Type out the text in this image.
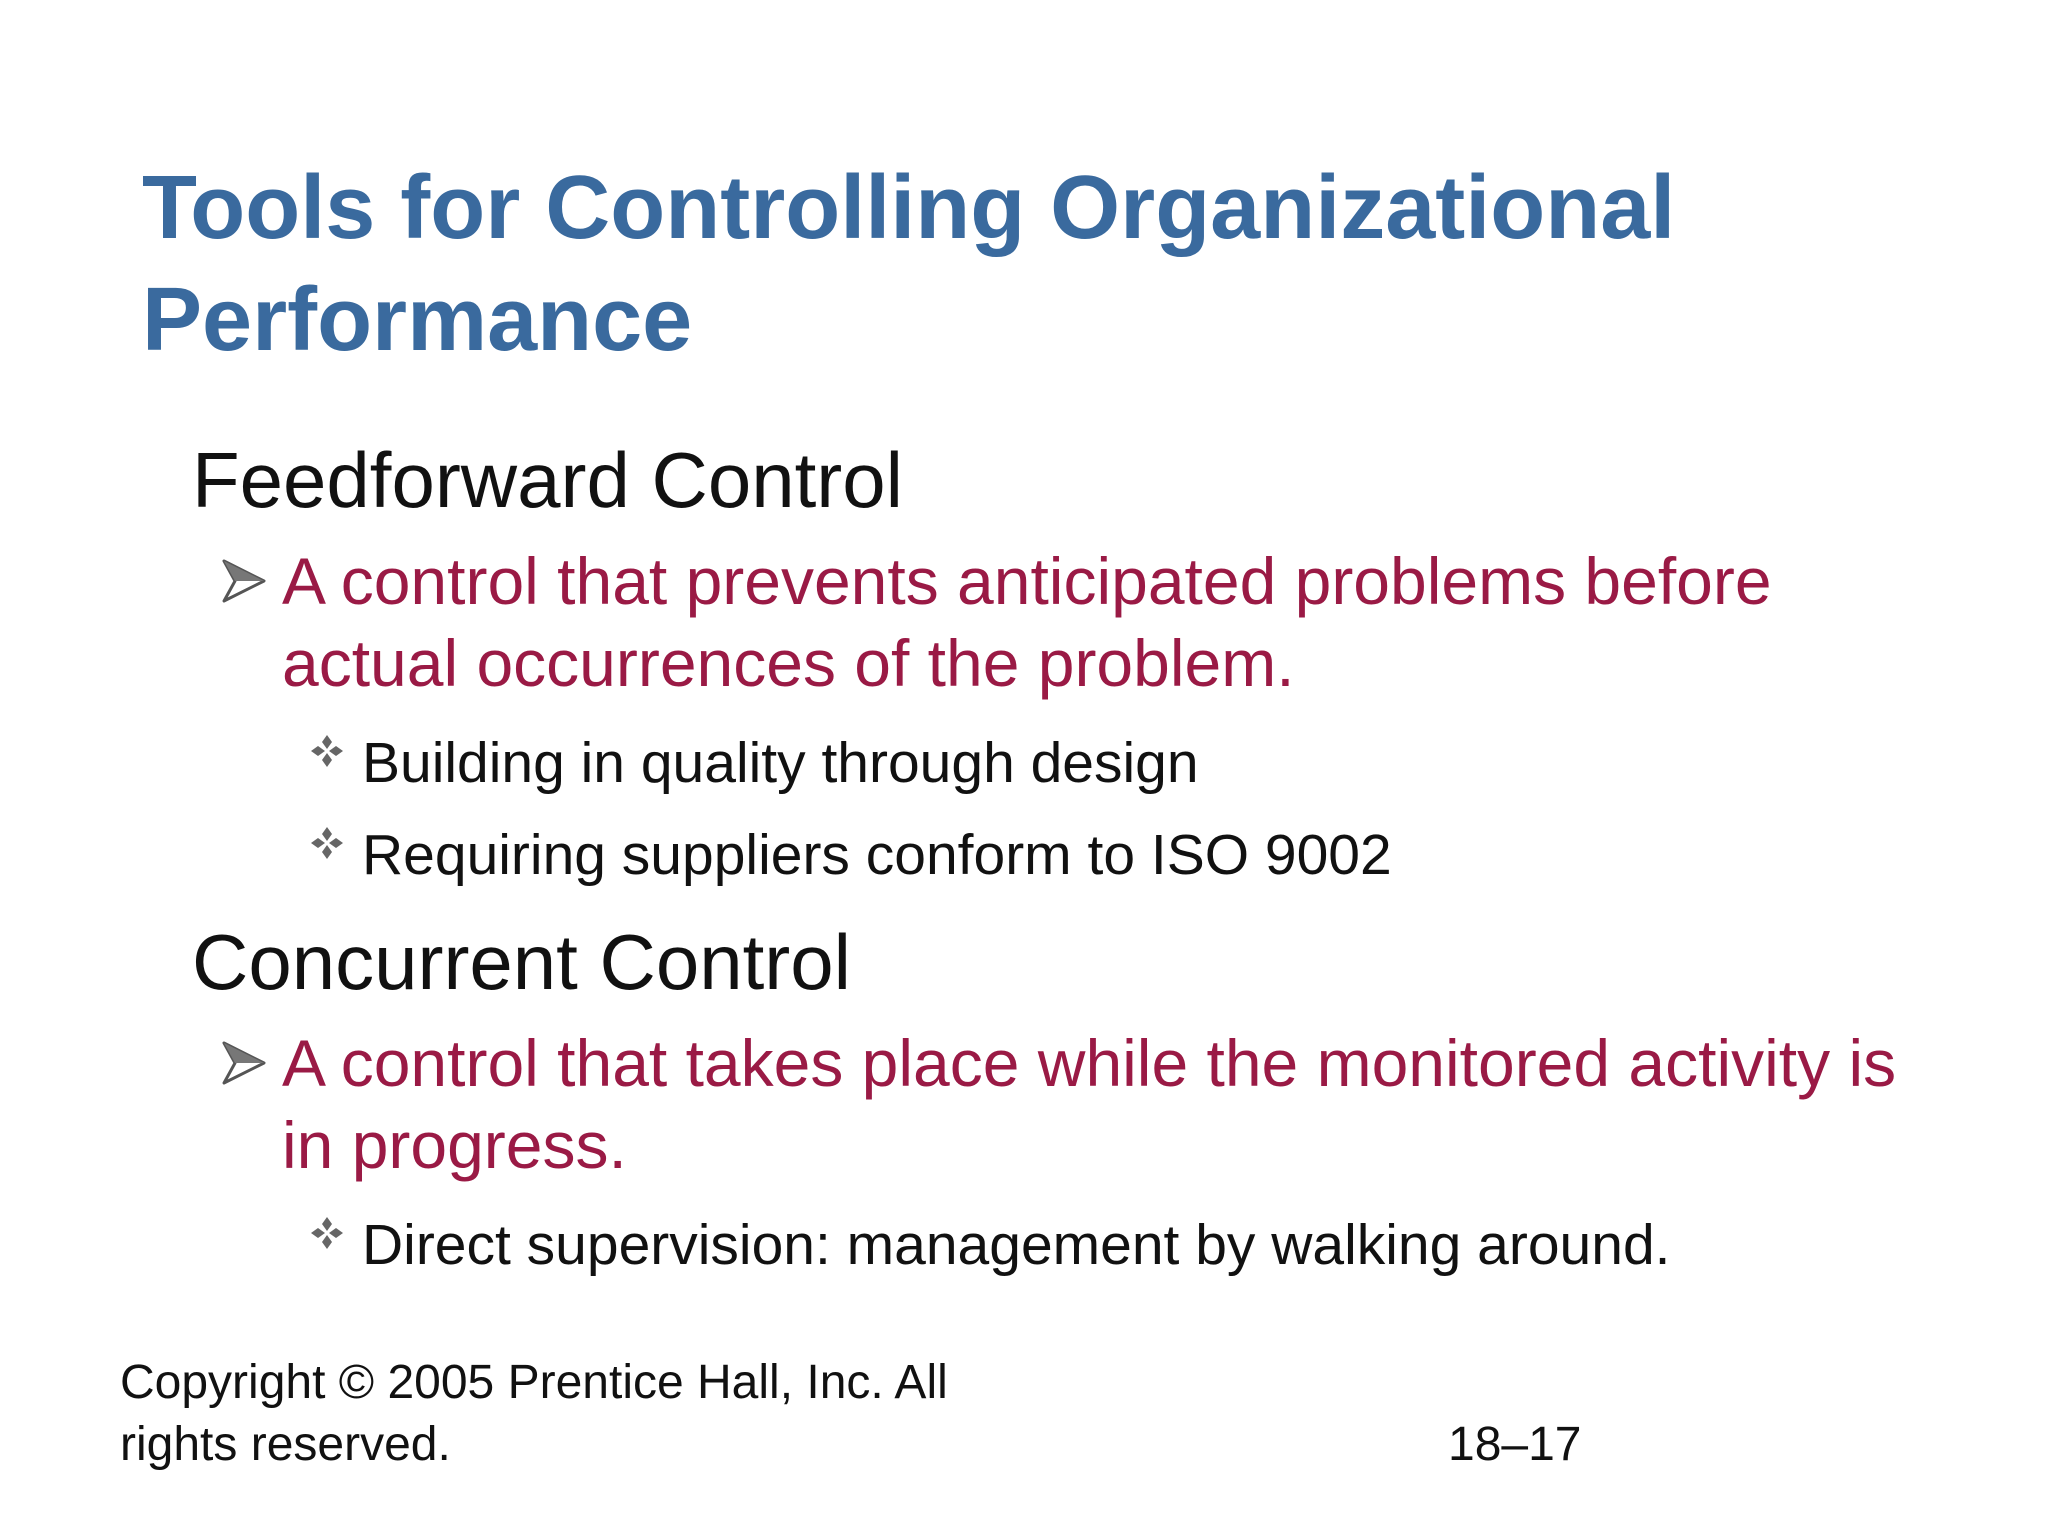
Tools for Controlling Organizational Performance
Feedforward Control
A control that prevents anticipated problems before actual occurrences of the problem.
Building in quality through design
Requiring suppliers conform to ISO 9002
Concurrent Control
A control that takes place while the monitored activity is in progress.
Direct supervision: management by walking around.
Copyright © 2005 Prentice Hall, Inc. All rights reserved.	18–17
